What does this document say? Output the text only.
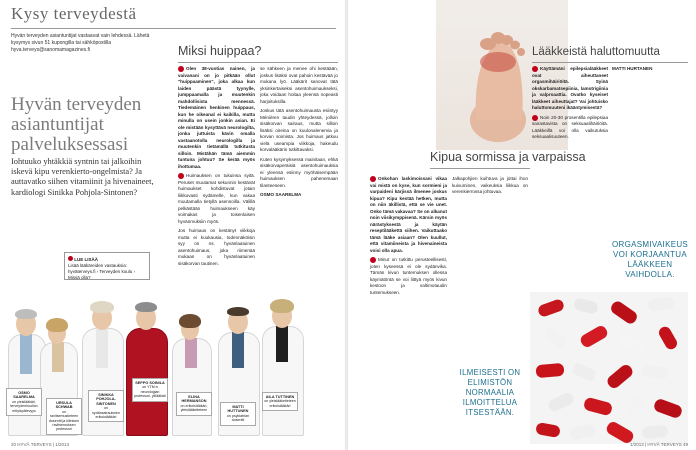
Kysy terveydestä
Hyvän terveyden asiantuntijat vastaavat vain lehdessä. Lähetä kysymys sivun 51 kupongilla tai sähköpostilla hyva.terveys@sanomamagazines.fi
Hyvän terveyden asiantuntijat palveluksessasi
Iohtuuko yhtäkkiä syntnin tai jalkoihin iskevä kipu verenkierto-ongelmista? Ja auttavatko siihen vitamiinit ja hivenaineet, kardiologi Sinikka Pohjola-Sintonen?
LUE LISÄÄ
Lisää lääkäreiden vastauksia: hyväterveys.fi › Terveyden koulu › Missä olla?
Miksi huippaa?

Olen 38-vuotias nainen, ja vaivanani on jo pitkään ollut "huippaaminen", joka alkaa kun laiden päästä tyynylle, jumppaamalla ja muutenkin mahdollisista mennessä. Tiedemäinen henkinen huippaus, kun he oikeanal ei kaikilla, mutta minulla on usein jonkin asian. Ei ole mistään kysyttävä neurologilta, jonka juttuista kävin omalla vastaanotolla neurologilla ja muutenkin tietämällä tutkitusta silloin. Mistähän tämä aiemmin tuntuna johtuu? Se kerää myös ihottumaa.

Huimauksen on tukuinsa syitä. Peruset muutamat sekunnin kestävät huimaukset kohdistuvat jotain liikkuvasti sydämelle, kun vakaa muutamalla tietyllä asennoilla. Välillä pelkästään huimaukseen käy voimakas ja toisenlaisen hyvänmuksiin myös.

Jos huimaus on kestänyt viikkoja mutta ei kuukausia, todennäköisin syy on ns. hyvänlaatuinen asentohuimaus, joka riimenää mukaan on hyvänlaatuinen sisäkorvan tautinen.

se sähkeen ja menee ohi kestäään, joskus lisäksi ovat pahoin kestävää jo mukana lyö. Lääkärit sanovat tätä yksinkertaiseksi asentohuimaukseksi, joka voidaan hoitaa yleensä nopeasti harjoituksilla.

Joskus tätä asentohuimausta esiintyy Ménièren taudin yhteydessä, jolloin sisäkorvan sairaus, mutta silloin lisäksi oireina on kuulonalenemia ja korvan soimista. Jos huimaus jatkuu vielä useampia viikkoja, hakeudu korvalääkärin tutkittavaksi.

Kuten kysymyksessä mainitaan, ehkä sisäkorvaperäisiä asentohuimauksia ei yleensä esiinny myöhäisempään huimauksen pahenemaan tilanteeseen.

OSMO SAARELMA

OSMO SAARELMA
on yleislääkäri, terveydenhuollon erityispätevyys
URSULA SCHWAB
on ravitsemustieteen dosentti ja kliinisen ravitsemuksen professori
SINIKKA POHJOLA-SINTONEN
on sydänsairauksien erikoislääkäri
SEPPO SOINILA
on YTM:n neurologian professori, ylilääkäri	ELINA HERMANSON
on erikoislääkäri, yleislääketieteen
MATTI HUTTUNEN
on psykiatrian dosentti
AILA TUTTINEN
on yleislääketieteen erikoislääkäri
20 HYVÄ TERVEYS | 1/2013
Kipua sormissa ja varpaissa

Onkohan laskimoissani vikaa vai mistä on kyse, kun sormieni ja varpaideni kärjissä ilmenee joskus kipua? Kipu kestää hetken, mutta on niin äkillistä, että se vie unet. Onko tämä vakavaa? Se on alkanut noin viisikymppisenä. Kärsin myös närästyksestä ja käytän reseptilääkettä siihen. Vaikuttaako tämä lääke asiaan? Olen kuullut, että vitamiineista ja hivenaineista voisi olla apua.

Minut on tutkittu perusteellisesti, joten kyseessä ei ole sydänvika. Tämän kivun tuntemuksen ollessa käymätöntä se voi liittyä myös kivun kestoon ja valtimotaudin tuntemukseen.

Jalkapohjien kuihtuva ja jottai ihon kuivuminen, vaikeuksia liikkua on verenkierrossa johtuvaa.

ILMEISESTI ON ELIMISTÖN NORMAALIA ILMOITTELUA ITSESTÄÄN.
Lääkkeistä haluttomuutta

Käyttämäni epilepsialääkkeet ovat aiheuttaneet orgasmihäiriöitä. Syinä okskarbamatsepiinia, lamotrigiinia ja valproaattia. Ovatko kyseiset lääkkeet aiheuttajat? Vai johtuisko haluttomuuteni ikääntymisestä?

Noin 20-30 prosentilla epilepsiaa sairastavista on seksuaalihäiriöitä. Lääkkeillä voi olla vaikutuksia seksuaalisuuteen.

MATTI HURTANEN

ORGASMIVAIKEUS VOI KORJAANTUA LÄÄKKEEN VAIHDOLLA.
1/2013 | HYVÄ TERVEYS 49
